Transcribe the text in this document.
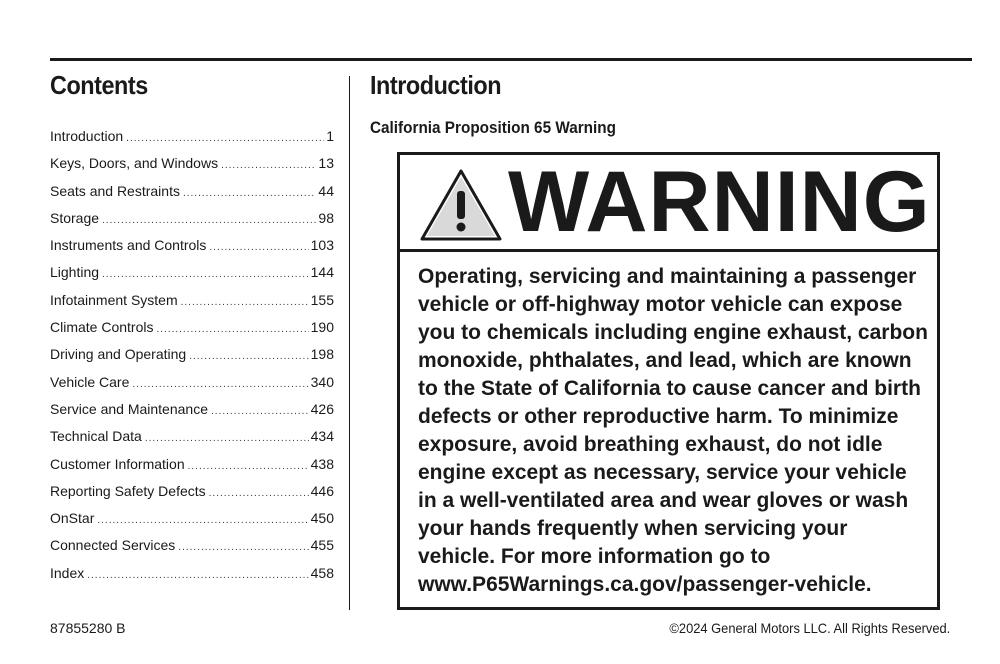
Contents
Introduction .....	1
Keys, Doors, and Windows .....	13
Seats and Restraints .....	44
Storage .....	98
Instruments and Controls .....	103
Lighting .....	144
Infotainment System .....	155
Climate Controls .....	190
Driving and Operating .....	198
Vehicle Care .....	340
Service and Maintenance .....	426
Technical Data .....	434
Customer Information .....	438
Reporting Safety Defects .....	446
OnStar .....	450
Connected Services .....	455
Index .....	458
Introduction
California Proposition 65 Warning
WARNING
Operating, servicing and maintaining a passenger
vehicle or off-highway motor vehicle can expose
you to chemicals including engine exhaust, carbon
monoxide, phthalates, and lead, which are known
to the State of California to cause cancer and birth
defects or other reproductive harm. To minimize
exposure, avoid breathing exhaust, do not idle
engine except as necessary, service your vehicle
in a well-ventilated area and wear gloves or wash
your hands frequently when servicing your
vehicle. For more information go to
www.P65Warnings.ca.gov/passenger-vehicle.
87855280 B	©2024 General Motors LLC. All Rights Reserved.
